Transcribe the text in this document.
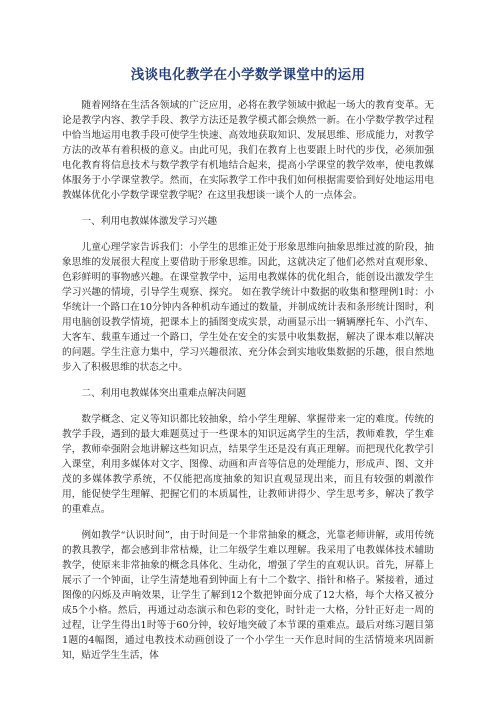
浅谈电化教学在小学数学课堂中的运用

随着网络在生活各领域的广泛应用，必将在教学领域中掀起一场大的教育变革。无论是教学内容、教学手段、教学方法还是教学模式都会焕然一新。在小学数学教学过程中恰当地运用电教手段可使学生快速、高效地获取知识、发展思维、形成能力，对教学方法的改革有着积极的意义。由此可见，我们在教育上也要跟上时代的步伐，必须加强电化教育将信息技术与数学教学有机地结合起来，提高小学课堂的教学效率，使电教媒体服务于小学课堂教学。然而，在实际教学工作中我们如何根据需要恰到好处地运用电教媒体优化小学数学课堂教学呢？在这里我想谈一谈个人的一点体会。

一、利用电教媒体激发学习兴趣

儿童心理学家告诉我们：小学生的思维正处于形象思维向抽象思维过渡的阶段，抽象思维的发展很大程度上要借助于形象思维。因此，这就决定了他们必然对直观形象、色彩鲜明的事物感兴趣。在课堂教学中，运用电教媒体的优化组合，能创设出激发学生学习兴趣的情境，引导学生观察、探究。 如在教学统计中数据的收集和整理例1时：小华统计一个路口在10分钟内各种机动车通过的数量，并制成统计表和条形统计图时，利用电脑创设教学情境，把课本上的插图变成实景，动画显示出一辆辆摩托车、小汽车、大客车、载重车通过一个路口，学生处在安全的实景中收集数据，解决了课本难以解决的问题。学生注意力集中，学习兴趣很浓、充分体会到实地收集数据的乐趣，很自然地步入了积极思维的状态之中。

二、利用电教媒体突出重难点解决问题

数学概念、定义等知识都比较抽象，给小学生理解、掌握带来一定的难度。传统的教学手段，遇到的最大难题莫过于一些课本的知识远离学生的生活，教师难教，学生难学，教师牵强附会地讲解这些知识点，结果学生还是没有真正理解。而把现代化教学引入课堂，利用多媒体对文字、图像、动画和声音等信息的处理能力，形成声、图、文并茂的多媒体教学系统，不仅能把高度抽象的知识直观显现出来，而且有较强的刺激作用，能促使学生理解、把握它们的本质属性，让教师讲得少、学生思考多，解决了教学的重难点。

例如教学“认识时间”，由于时间是一个非常抽象的概念，光靠老师讲解，或用传统的教具教学，都会感到非常枯燥，让二年级学生难以理解。我采用了电教媒体技术辅助教学，使原来非常抽象的概念具体化、生动化，增强了学生的直观认识。首先，屏幕上展示了一个钟面，让学生清楚地看到钟面上有十二个数字、指针和格子。紧接着，通过图像的闪烁及声响效果，让学生了解到12个数把钟面分成了12大格，每个大格又被分成5个小格。然后，再通过动态演示和色彩的变化，时针走一大格，分针正好走一周的过程，让学生得出1时等于60分钟，较好地突破了本节课的重难点。最后对练习题目第1题的4幅图，通过电教技术动画创设了一个小学生一天作息时间的生活情境来巩固新知，贴近学生生活，体
